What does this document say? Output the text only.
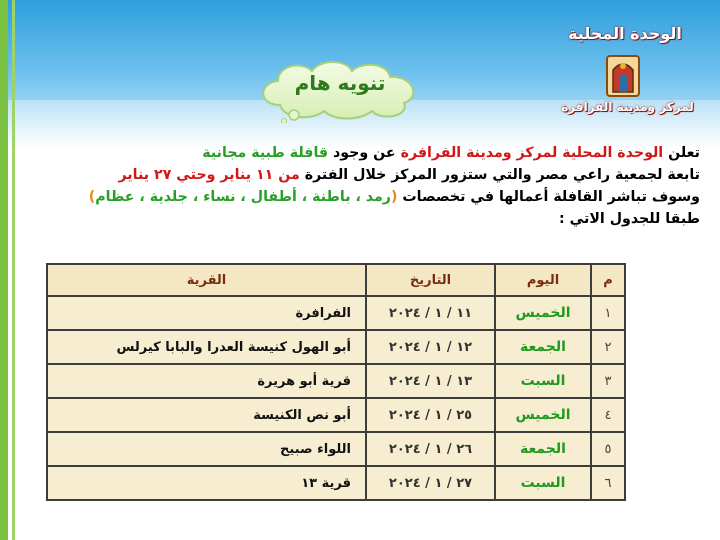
تنويه هام
الوحدة المحلية
لمركز ومدينة الفرافرة
تعلن الوحدة المحلية لمركز ومدينة الفرافرة عن وجود قافلة طبية مجانية
تابعة لجمعية راعي مصر والتي ستزور المركز خلال الفترة من ١١ يناير وحتي ٢٧ يناير
وسوف تباشر القافلة أعمالها في تخصصات (رمد ، باطنة ، أطفال ، نساء ، جلدية ، عظام)
طبقا للجدول الاتي :
م	اليوم	التاريخ	القرية
١	الخميس	١١ / ١ / ٢٠٢٤	الفرافرة
٢	الجمعة	١٢ / ١ / ٢٠٢٤	أبو الهول كنيسة العدرا والبابا كيرلس
٣	السبت	١٣ / ١ / ٢٠٢٤	قرية أبو هريرة
٤	الخميس	٢٥ / ١ / ٢٠٢٤	أبو نص الكنيسة
٥	الجمعة	٢٦ / ١ / ٢٠٢٤	اللواء صبيح
٦	السبت	٢٧ / ١ / ٢٠٢٤	قرية ١٣
